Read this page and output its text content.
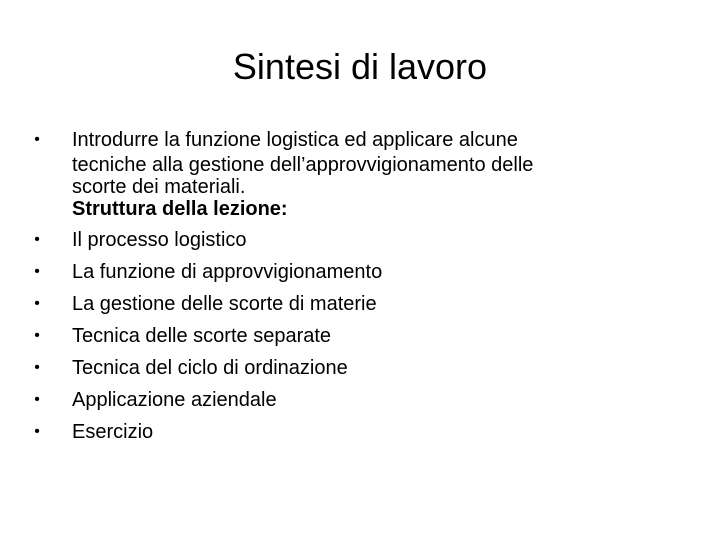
Sintesi di lavoro
• Introdurre la funzione logistica ed applicare alcune
tecniche alla gestione dell’approvvigionamento delle
scorte dei materiali.
Struttura della lezione:
• Il processo logistico
• La funzione di approvvigionamento
• La gestione delle scorte di materie
• Tecnica delle scorte separate
• Tecnica del ciclo di ordinazione
• Applicazione aziendale
• Esercizio
